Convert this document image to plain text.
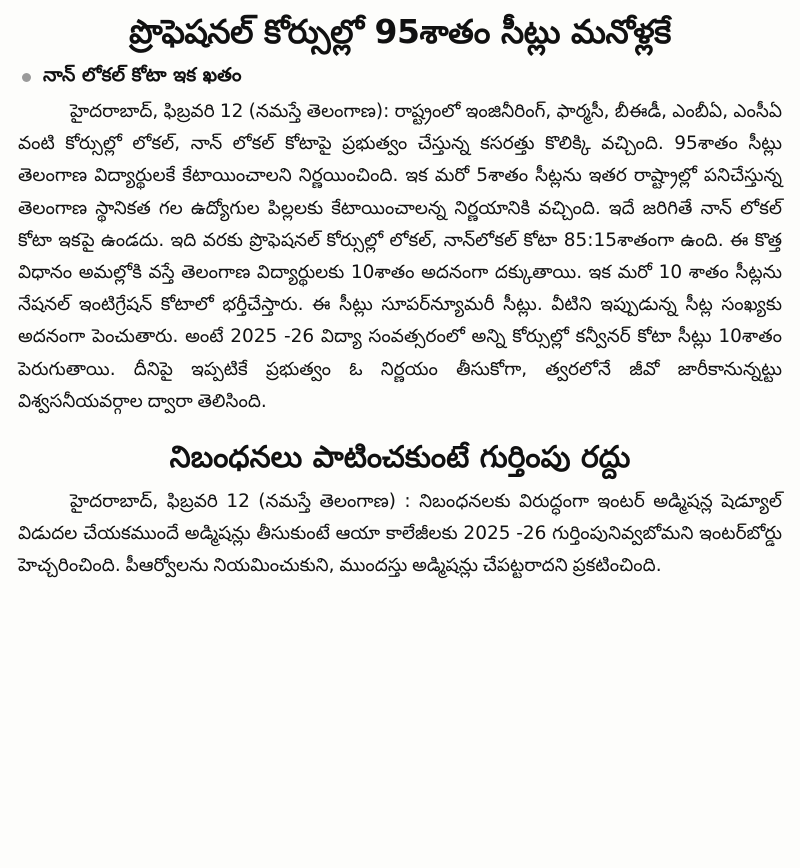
ప్రొఫెషనల్ కోర్సుల్లో 95శాతం సీట్లు మనోళ్లకే
నాన్ లోకల్ కోటా ఇక ఖతం

హైదరాబాద్, ఫిబ్రవరి 12 (నమస్తే తెలంగాణ): రాష్ట్రంలో ఇంజినీరింగ్, ఫార్మసీ, బీఈడీ, ఎంబీఏ, ఎంసీఏ వంటి కోర్సుల్లో లోకల్, నాన్ లోకల్ కోటాపై ప్రభుత్వం చేస్తున్న కసరత్తు కొలిక్కి వచ్చింది. 95శాతం సీట్లు తెలంగాణ విద్యార్థులకే కేటాయించాలని నిర్ణయించింది. ఇక మరో 5శాతం సీట్లను ఇతర రాష్ట్రాల్లో పనిచేస్తున్న తెలంగాణ స్థానికత గల ఉద్యోగుల పిల్లలకు కేటాయించాలన్న నిర్ణయానికి వచ్చింది. ఇదే జరిగితే నాన్ లోకల్ కోటా ఇకపై ఉండదు. ఇది వరకు ప్రొఫెషనల్ కోర్సుల్లో లోకల్, నాన్‌లోకల్ కోటా 85:15శాతంగా ఉంది. ఈ కొత్త విధానం అమల్లోకి వస్తే తెలంగాణ విద్యార్థులకు 10శాతం అదనంగా దక్కుతాయి. ఇక మరో 10 శాతం సీట్లను నేషనల్ ఇంటిగ్రేషన్ కోటాలో భర్తీచేస్తారు. ఈ సీట్లు సూపర్‌న్యూమరీ సీట్లు. వీటిని ఇప్పుడున్న సీట్ల సంఖ్యకు అదనంగా పెంచుతారు. అంటే 2025 -26 విద్యా సంవత్సరంలో అన్ని కోర్సుల్లో కన్వీనర్ కోటా సీట్లు 10శాతం పెరుగుతాయి. దీనిపై ఇప్పటికే ప్రభుత్వం ఓ నిర్ణయం తీసుకోగా, త్వరలోనే జీవో జారీకానున్నట్టు విశ్వసనీయవర్గాల ద్వారా తెలిసింది.

నిబంధనలు పాటించకుంటే గుర్తింపు రద్దు

హైదరాబాద్, ఫిబ్రవరి 12 (నమస్తే తెలంగాణ) : నిబంధనలకు విరుద్ధంగా ఇంటర్ అడ్మిషన్ల షెడ్యూల్ విడుదల చేయకముందే అడ్మిషన్లు తీసుకుంటే ఆయా కాలేజీలకు 2025 -26 గుర్తింపునివ్వబోమని ఇంటర్‌బోర్డు హెచ్చరించింది. పీఆర్వోలను నియమించుకుని, ముందస్తు అడ్మిషన్లు చేపట్టరాదని ప్రకటించింది.
